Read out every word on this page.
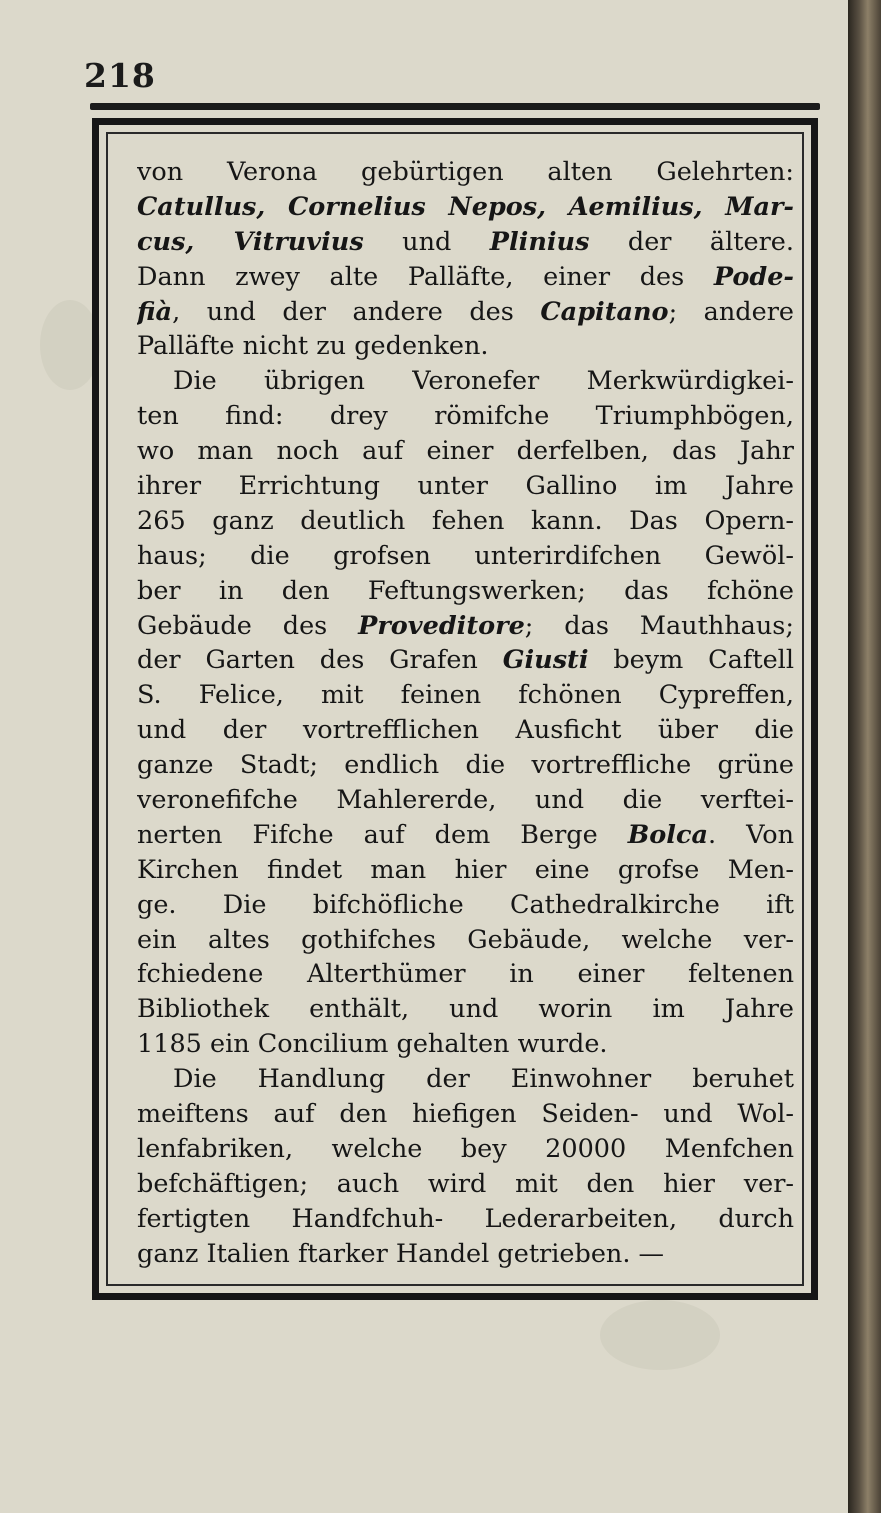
218
von Verona gebürtigen alten Gelehrten:
Catullus, Cornelius Nepos, Aemilius, Mar-
cus, Vitruvius und Plinius der ältere.
Dann zwey alte Palläfte, einer des Pode-
fià, und der andere des Capitano; andere
Palläfte nicht zu gedenken.
Die übrigen Veronefer Merkwürdigkei-
ten find: drey römifche Triumphbögen,
wo man noch auf einer derfelben, das Jahr
ihrer Errichtung unter Gallino im Jahre
265 ganz deutlich fehen kann. Das Opern-
haus; die grofsen unterirdifchen Gewöl-
ber in den Feftungswerken; das fchöne
Gebäude des Proveditore; das Mauthhaus;
der Garten des Grafen Giusti beym Caftell
S. Felice, mit feinen fchönen Cypreffen,
und der vortrefflichen Ausficht über die
ganze Stadt; endlich die vortreffliche grüne
veronefifche Mahlererde, und die verftei-
nerten Fifche auf dem Berge Bolca. Von
Kirchen findet man hier eine grofse Men-
ge. Die bifchöfliche Cathedralkirche ift
ein altes gothifches Gebäude, welche ver-
fchiedene Alterthümer in einer feltenen
Bibliothek enthält, und worin im Jahre
1185 ein Concilium gehalten wurde.
Die Handlung der Einwohner beruhet
meiftens auf den hiefigen Seiden- und Wol-
lenfabriken, welche bey 20000 Menfchen
befchäftigen; auch wird mit den hier ver-
fertigten Handfchuh- Lederarbeiten, durch
ganz Italien ftarker Handel getrieben. —
